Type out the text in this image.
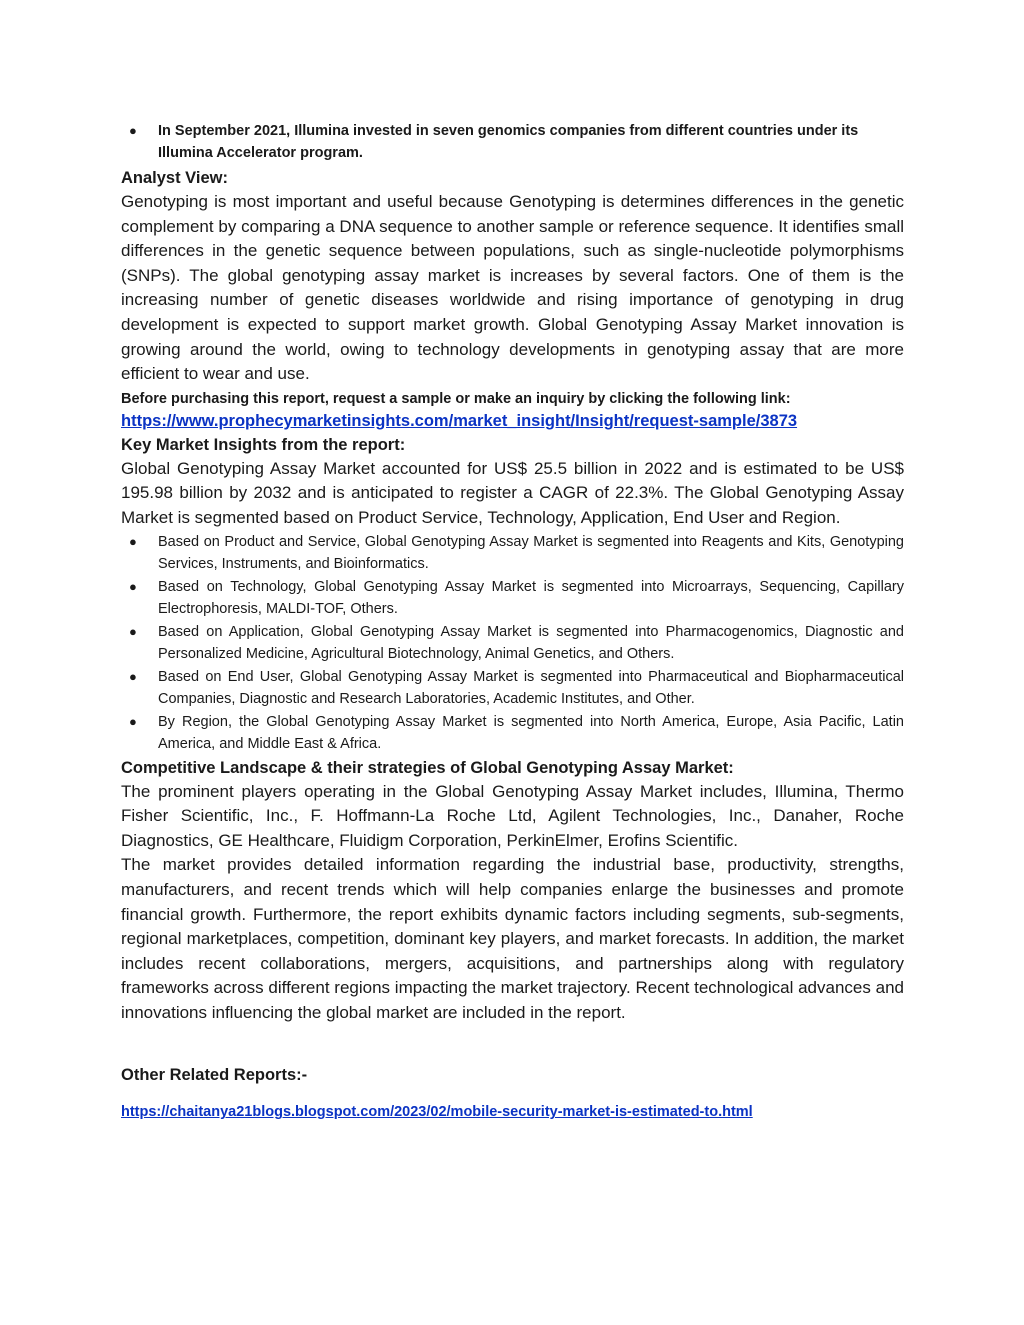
● In September 2021, Illumina invested in seven genomics companies from different countries under its Illumina Accelerator program.

Analyst View:

Genotyping is most important and useful because Genotyping is determines differences in the genetic complement by comparing a DNA sequence to another sample or reference sequence. It identifies small differences in the genetic sequence between populations, such as single-nucleotide polymorphisms (SNPs). The global genotyping assay market is increases by several factors. One of them is the increasing number of genetic diseases worldwide and rising importance of genotyping in drug development is expected to support market growth. Global Genotyping Assay Market innovation is growing around the world, owing to technology developments in genotyping assay that are more efficient to wear and use.

Before purchasing this report, request a sample or make an inquiry by clicking the following link:

https://www.prophecymarketinsights.com/market_insight/Insight/request-sample/3873

Key Market Insights from the report:

Global Genotyping Assay Market accounted for US$ 25.5 billion in 2022 and is estimated to be US$ 195.98 billion by 2032 and is anticipated to register a CAGR of 22.3%. The Global Genotyping Assay Market is segmented based on Product Service, Technology, Application, End User and Region.

● Based on Product and Service, Global Genotyping Assay Market is segmented into Reagents and Kits, Genotyping Services, Instruments, and Bioinformatics.
● Based on Technology, Global Genotyping Assay Market is segmented into Microarrays, Sequencing, Capillary Electrophoresis, MALDI-TOF, Others.
● Based on Application, Global Genotyping Assay Market is segmented into Pharmacogenomics, Diagnostic and Personalized Medicine, Agricultural Biotechnology, Animal Genetics, and Others.
● Based on End User, Global Genotyping Assay Market is segmented into Pharmaceutical and Biopharmaceutical Companies, Diagnostic and Research Laboratories, Academic Institutes, and Other.
● By Region, the Global Genotyping Assay Market is segmented into North America, Europe, Asia Pacific, Latin America, and Middle East & Africa.

Competitive Landscape & their strategies of Global Genotyping Assay Market:

The prominent players operating in the Global Genotyping Assay Market includes, Illumina, Thermo Fisher Scientific, Inc., F. Hoffmann-La Roche Ltd, Agilent Technologies, Inc., Danaher, Roche Diagnostics, GE Healthcare, Fluidigm Corporation, PerkinElmer, Erofins Scientific.

The market provides detailed information regarding the industrial base, productivity, strengths, manufacturers, and recent trends which will help companies enlarge the businesses and promote financial growth. Furthermore, the report exhibits dynamic factors including segments, sub-segments, regional marketplaces, competition, dominant key players, and market forecasts. In addition, the market includes recent collaborations, mergers, acquisitions, and partnerships along with regulatory frameworks across different regions impacting the market trajectory. Recent technological advances and innovations influencing the global market are included in the report.

Other Related Reports:-

https://chaitanya21blogs.blogspot.com/2023/02/mobile-security-market-is-estimated-to.html
